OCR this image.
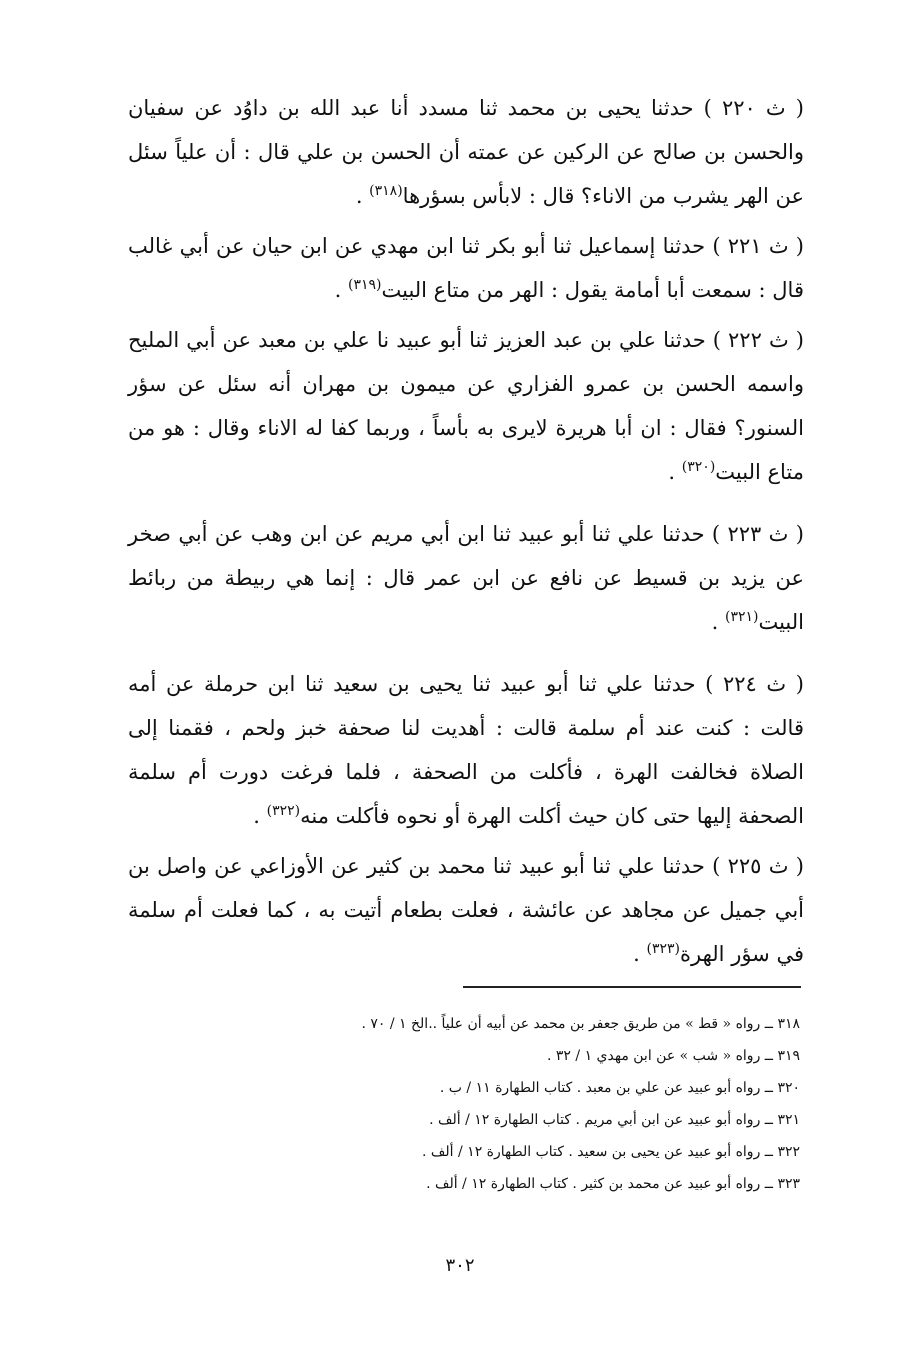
( ث ٢٢٠ ) حدثنا يحيى بن محمد ثنا مسدد أنا عبد الله بن داوُد عن سفيان والحسن بن صالح عن الركين عن عمته أن الحسن بن علي قال : أن علياً سئل عن الهر يشرب من الاناء؟ قال : لابأس بسؤرها$^{(٣١٨)}$ .

( ث ٢٢١ ) حدثنا إسماعيل ثنا أبو بكر ثنا ابن مهدي عن ابن حيان عن أبي غالب قال : سمعت أبا أمامة يقول : الهر من متاع البيت$^{(٣١٩)}$ .

( ث ٢٢٢ ) حدثنا علي بن عبد العزيز ثنا أبو عبيد نا علي بن معبد عن أبي المليح واسمه الحسن بن عمرو الفزاري عن ميمون بن مهران أنه سئل عن سؤر السنور؟ فقال : ان أبا هريرة لايرى به بأساً ، وربما كفا له الاناء وقال : هو من متاع البيت$^{(٣٢٠)}$ .

( ث ٢٢٣ ) حدثنا علي ثنا أبو عبيد ثنا ابن أبي مريم عن ابن وهب عن أبي صخر عن يزيد بن قسيط عن نافع عن ابن عمر قال : إنما هي ربيطة من ربائط البيت$^{(٣٢١)}$ .

( ث ٢٢٤ ) حدثنا علي ثنا أبو عبيد ثنا يحيى بن سعيد ثنا ابن حرملة عن أمه قالت : كنت عند أم سلمة قالت : أهديت لنا صحفة خبز ولحم ، فقمنا إلى الصلاة فخالفت الهرة ، فأكلت من الصحفة ، فلما فرغت دورت أم سلمة الصحفة إليها حتى كان حيث أكلت الهرة أو نحوه فأكلت منه$^{(٣٢٢)}$ .

( ث ٢٢٥ ) حدثنا علي ثنا أبو عبيد ثنا محمد بن كثير عن الأوزاعي عن واصل بن أبي جميل عن مجاهد عن عائشة ، فعلت بطعام أتيت به ، كما فعلت أم سلمة في سؤر الهرة$^{(٣٢٣)}$ .

٣١٨ ــ رواه « قط » من طريق جعفر بن محمد عن أبيه أن علياً ..الخ ١ / ٧٠ .

٣١٩ ــ رواه « شب » عن ابن مهدي ١ / ٣٢ .

٣٢٠ ــ رواه أبو عبيد عن علي بن معبد . كتاب الطهارة ١١ / ب .

٣٢١ ــ رواه أبو عبيد عن ابن أبي مريم . كتاب الطهارة ١٢ / ألف .

٣٢٢ ــ رواه أبو عبيد عن يحيى بن سعيد . كتاب الطهارة ١٢ / ألف .

٣٢٣ ــ رواه أبو عبيد عن محمد بن كثير . كتاب الطهارة ١٢ / ألف .

٣٠٢
